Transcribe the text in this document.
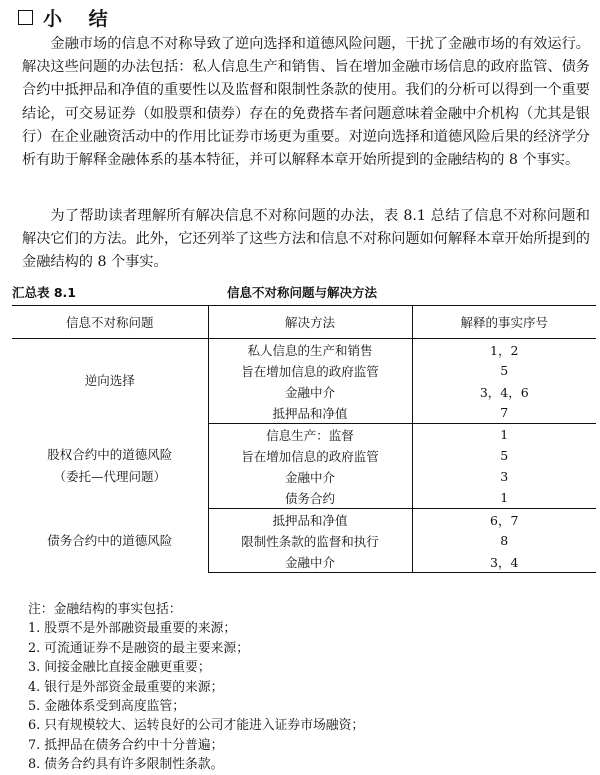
小 结

金融市场的信息不对称导致了逆向选择和道德风险问题，干扰了金融市场的有效运行。解决这些问题的办法包括：私人信息生产和销售、旨在增加金融市场信息的政府监管、债务合约中抵押品和净值的重要性以及监督和限制性条款的使用。我们的分析可以得到一个重要结论，可交易证券（如股票和债券）存在的免费搭车者问题意味着金融中介机构（尤其是银行）在企业融资活动中的作用比证券市场更为重要。对逆向选择和道德风险后果的经济学分析有助于解释金融体系的基本特征，并可以解释本章开始所提到的金融结构的 8 个事实。

为了帮助读者理解所有解决信息不对称问题的办法，表 8.1 总结了信息不对称问题和解决它们的方法。此外，它还列举了这些方法和信息不对称问题如何解释本章开始所提到的金融结构的 8 个事实。

汇总表 8.1	信息不对称问题与解决方法
信息不对称问题	解决方法	解释的事实序号
逆向选择	私人信息的生产和销售	1，2
	旨在增加信息的政府监管	5
	金融中介	3，4，6
	抵押品和净值	7

股权合约中的道德风险
（委托—代理问题）	信息生产：监督	1
	旨在增加信息的政府监管	5
	金融中介	3
	债务合约	1
债务合约中的道德风险	抵押品和净值	6，7
	限制性条款的监督和执行	8
	金融中介	3，4
注：金融结构的事实包括：
1. 股票不是外部融资最重要的来源；
2. 可流通证券不是融资的最主要来源；
3. 间接金融比直接金融更重要；
4. 银行是外部资金最重要的来源；
5. 金融体系受到高度监管；
6. 只有规模较大、运转良好的公司才能进入证券市场融资；
7. 抵押品在债务合约中十分普遍；
8. 债务合约具有许多限制性条款。
